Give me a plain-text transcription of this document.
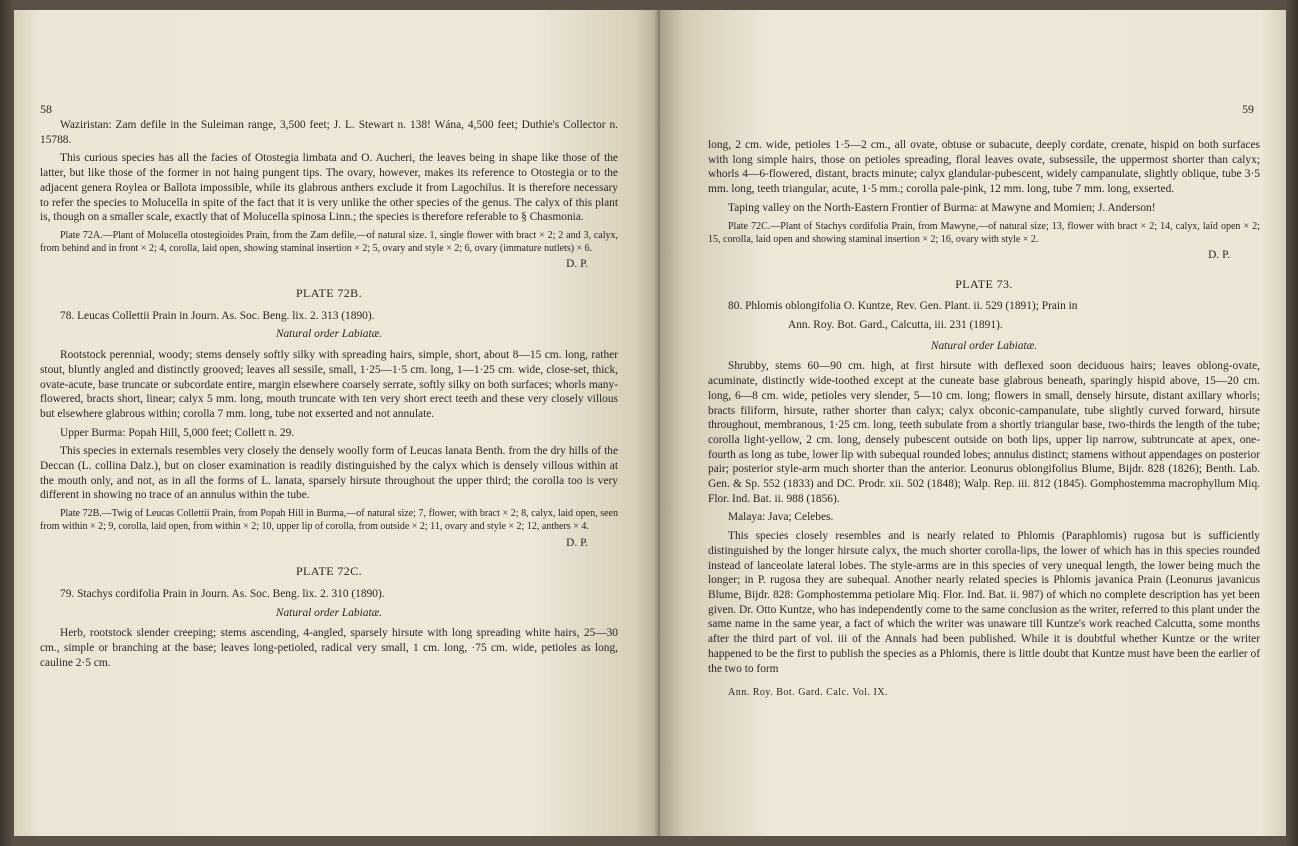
58

Waziristan: Zam defile in the Suleiman range, 3,500 feet; J. L. Stewart n. 138! Wána, 4,500 feet; Duthie's Collector n. 15788.

This curious species has all the facies of Otostegia limbata and O. Aucheri, the leaves being in shape like those of the latter, but like those of the former in not haing pungent tips. The ovary, however, makes its reference to Otostegia or to the adjacent genera Roylea or Ballota impossible, while its glabrous anthers exclude it from Lagochilus. It is therefore necessary to refer the species to Molucella in spite of the fact that it is very unlike the other species of the genus. The calyx of this plant is, though on a smaller scale, exactly that of Molucella spinosa Linn.; the species is therefore referable to § Chasmonia.

Plate 72A.—Plant of Molucella otostegioides Prain, from the Zam defile,—of natural size. 1, single flower with bract × 2; 2 and 3, calyx, from behind and in front × 2; 4, corolla, laid open, showing staminal insertion × 2; 5, ovary and style × 2; 6, ovary (immature nutlets) × 6.

D. P.
PLATE 72B.

78. Leucas Collettii Prain in Journ. As. Soc. Beng. lix. 2. 313 (1890).

Natural order Labiatæ.

Rootstock perennial, woody; stems densely softly silky with spreading hairs, simple, short, about 8—15 cm. long, rather stout, bluntly angled and distinctly grooved; leaves all sessile, small, 1·25—1·5 cm. long, 1—1·25 cm. wide, close-set, thick, ovate-acute, base truncate or subcordate entire, margin elsewhere coarsely serrate, softly silky on both surfaces; whorls many-flowered, bracts short, linear; calyx 5 mm. long, mouth truncate with ten very short erect teeth and these very closely villous but elsewhere glabrous within; corolla 7 mm. long, tube not exserted and not annulate.

Upper Burma: Popah Hill, 5,000 feet; Collett n. 29.

This species in externals resembles very closely the densely woolly form of Leucas lanata Benth. from the dry hills of the Deccan (L. collina Dalz.), but on closer examination is readily distinguished by the calyx which is densely villous within at the mouth only, and not, as in all the forms of L. lanata, sparsely hirsute throughout the upper third; the corolla too is very different in showing no trace of an annulus within the tube.

Plate 72B.—Twig of Leucas Collettii Prain, from Popah Hill in Burma,—of natural size; 7, flower, with bract × 2; 8, calyx, laid open, seen from within × 2; 9, corolla, laid open, from within × 2; 10, upper lip of corolla, from outside × 2; 11, ovary and style × 2; 12, anthers × 4.

D. P.
PLATE 72C.

79. Stachys cordifolia Prain in Journ. As. Soc. Beng. lix. 2. 310 (1890).

Natural order Labiatæ.

Herb, rootstock slender creeping; stems ascending, 4-angled, sparsely hirsute with long spreading white hairs, 25—30 cm., simple or branching at the base; leaves long-petioled, radical very small, 1 cm. long, ·75 cm. wide, petioles as long, cauline 2·5 cm.

59

long, 2 cm. wide, petioles 1·5—2 cm., all ovate, obtuse or subacute, deeply cordate, crenate, hispid on both surfaces with long simple hairs, those on petioles spreading, floral leaves ovate, subsessile, the uppermost shorter than calyx; whorls 4—6-flowered, distant, bracts minute; calyx glandular-pubescent, widely campanulate, slightly oblique, tube 3·5 mm. long, teeth triangular, acute, 1·5 mm.; corolla pale-pink, 12 mm. long, tube 7 mm. long, exserted.

Taping valley on the North-Eastern Frontier of Burma: at Mawyne and Momien; J. Anderson!

Plate 72C.—Plant of Stachys cordifolia Prain, from Mawyne,—of natural size; 13, flower with bract × 2; 14, calyx, laid open × 2; 15, corolla, laid open and showing staminal insertion × 2; 16, ovary with style × 2.

D. P.
PLATE 73.

80. Phlomis oblongifolia O. Kuntze, Rev. Gen. Plant. ii. 529 (1891); Prain in

Ann. Roy. Bot. Gard., Calcutta, iii. 231 (1891).
Natural order Labiatæ.

Shrubby, stems 60—90 cm. high, at first hirsute with deflexed soon deciduous hairs; leaves oblong-ovate, acuminate, distinctly wide-toothed except at the cuneate base glabrous beneath, sparingly hispid above, 15—20 cm. long, 6—8 cm. wide, petioles very slender, 5—10 cm. long; flowers in small, densely hirsute, distant axillary whorls; bracts filiform, hirsute, rather shorter than calyx; calyx obconic-campanulate, tube slightly curved forward, hirsute throughout, membranous, 1·25 cm. long, teeth subulate from a shortly triangular base, two-thirds the length of the tube; corolla light-yellow, 2 cm. long, densely pubescent outside on both lips, upper lip narrow, subtruncate at apex, one-fourth as long as tube, lower lip with subequal rounded lobes; annulus distinct; stamens without appendages on posterior pair; posterior style-arm much shorter than the anterior. Leonurus oblongifolius Blume, Bijdr. 828 (1826); Benth. Lab. Gen. & Sp. 552 (1833) and DC. Prodr. xii. 502 (1848); Walp. Rep. iii. 812 (1845). Gomphostemma macrophyllum Miq. Flor. Ind. Bat. ii. 988 (1856).

Malaya: Java; Celebes.

This species closely resembles and is nearly related to Phlomis (Paraphlomis) rugosa but is sufficiently distinguished by the longer hirsute calyx, the much shorter corolla-lips, the lower of which has in this species rounded instead of lanceolate lateral lobes. The style-arms are in this species of very unequal length, the lower being much the longer; in P. rugosa they are subequal. Another nearly related species is Phlomis javanica Prain (Leonurus javanicus Blume, Bijdr. 828: Gomphostemma petiolare Miq. Flor. Ind. Bat. ii. 987) of which no complete description has yet been given. Dr. Otto Kuntze, who has independently come to the same conclusion as the writer, referred to this plant under the same name in the same year, a fact of which the writer was unaware till Kuntze's work reached Calcutta, some months after the third part of vol. iii of the Annals had been published. While it is doubtful whether Kuntze or the writer happened to be the first to publish the species as a Phlomis, there is little doubt that Kuntze must have been the earlier of the two to form

Ann. Roy. Bot. Gard. Calc. Vol. IX.
